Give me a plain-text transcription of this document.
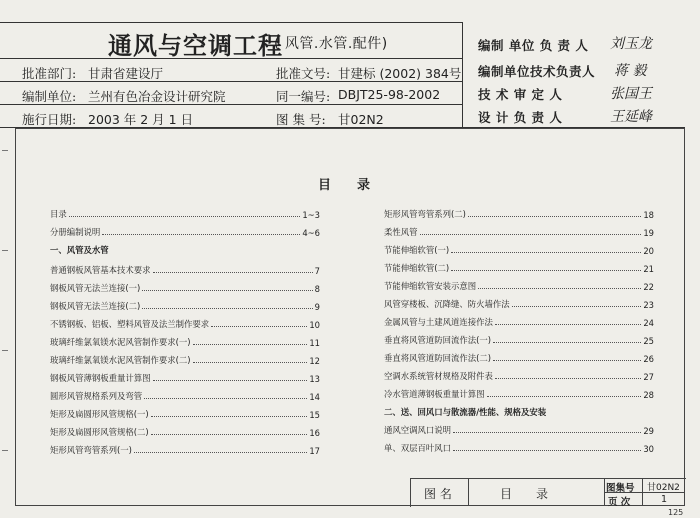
通风与空调工程
( 风管.水管.配件)
批准部门: 甘肃省建设厅	批准文号: 甘建标 (2002) 384号
编制单位: 兰州有色冶金设计研究院	同一编号: DBJT25-98-2002
施行日期: 2003 年 2 月 1 日	图 集 号: 甘02N2
编制 单位 负 责 人 刘玉龙
编制单位技术负责人 蒋 毅
技 术 审 定 人	张国王
设 计 负 责 人	王延峰
目　　录
目录	1~3
分册编制说明	4~6
一、风管及水管
普通钢板风管基本技术要求	7
钢板风管无法兰连接(一)	8
钢板风管无法兰连接(二)	9
不锈钢板、铝板、塑料风管及法兰制作要求	10
玻璃纤维氯氧镁水泥风管制作要求(一)	11
玻璃纤维氯氧镁水泥风管制作要求(二)	12
钢板风管薄钢板重量计算图	13
圆形风管规格系列及弯管	14
矩形及扁圆形风管规格(一)	15
矩形及扁圆形风管规格(二)	16
矩形风管弯管系列(一)	17
矩形风管弯管系列(二)	18
柔性风管	19
节能伸缩软管(一)	20
节能伸缩软管(二)	21
节能伸缩软管安装示意图	22
风管穿楼板、沉降缝、防火墙作法	23
金属风管与土建风道连接作法	24
垂直将风管道防回流作法(一)	25
垂直将风管道防回流作法(二)	26
空调水系统管材规格及附件表	27
冷水管道薄钢板重量计算图	28
二、送、回风口与散流器/性能、规格及安装
通风空调风口说明	29
单、双层百叶风口	30
图 名	目　　录	图集号 甘02N2
页 次	1
125
